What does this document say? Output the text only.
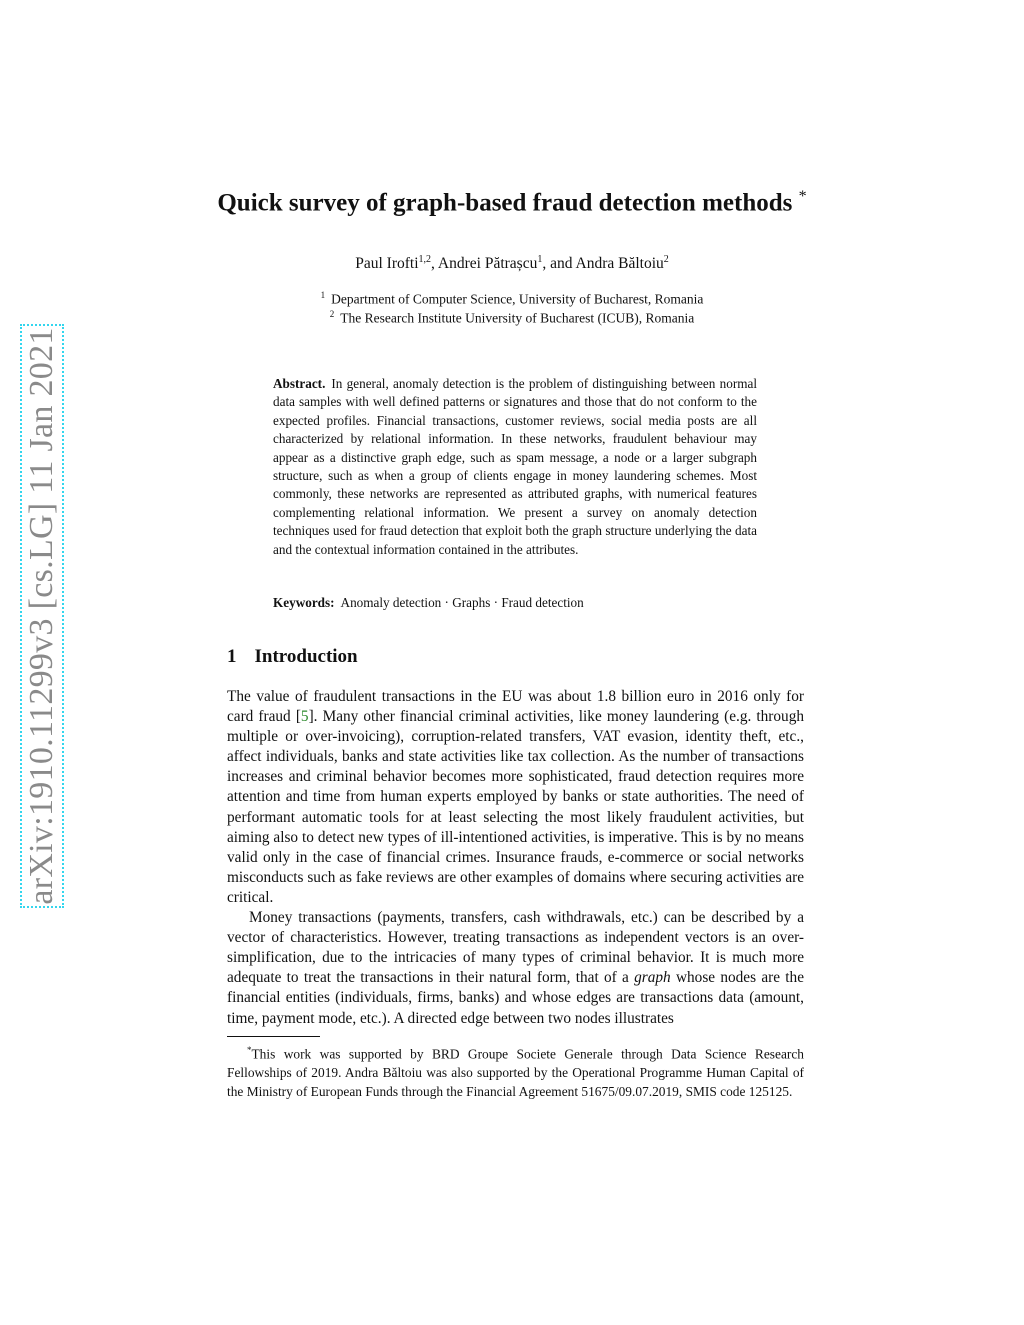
arXiv:1910.11299v3 [cs.LG] 11 Jan 2021
Quick survey of graph-based fraud detection methods *
Paul Irofti$^{1,2}$, Andrei Pătrașcu$^1$, and Andra Băltoiu$^2$
$^1$ Department of Computer Science, University of Bucharest, Romania
$^2$ The Research Institute University of Bucharest (ICUB), Romania
Abstract. In general, anomaly detection is the problem of distinguishing between normal data samples with well defined patterns or signatures and those that do not conform to the expected profiles. Financial transactions, customer reviews, social media posts are all characterized by relational information. In these networks, fraudulent behaviour may appear as a distinctive graph edge, such as spam message, a node or a larger subgraph structure, such as when a group of clients engage in money laundering schemes. Most commonly, these networks are represented as attributed graphs, with numerical features complementing relational information. We present a survey on anomaly detection techniques used for fraud detection that exploit both the graph structure underlying the data and the contextual information contained in the attributes.
Keywords: Anomaly detection · Graphs · Fraud detection
1 Introduction

The value of fraudulent transactions in the EU was about 1.8 billion euro in 2016 only for card fraud [5]. Many other financial criminal activities, like money laundering (e.g. through multiple or over-invoicing), corruption-related transfers, VAT evasion, identity theft, etc., affect individuals, banks and state activities like tax collection. As the number of transactions increases and criminal behavior becomes more sophisticated, fraud detection requires more attention and time from human experts employed by banks or state authorities. The need of performant automatic tools for at least selecting the most likely fraudulent activities, but aiming also to detect new types of ill-intentioned activities, is imperative. This is by no means valid only in the case of financial crimes. Insurance frauds, e-commerce or social networks misconducts such as fake reviews are other examples of domains where securing activities are critical.

Money transactions (payments, transfers, cash withdrawals, etc.) can be described by a vector of characteristics. However, treating transactions as independent vectors is an over-simplification, due to the intricacies of many types of criminal behavior. It is much more adequate to treat the transactions in their natural form, that of a graph whose nodes are the financial entities (individuals, firms, banks) and whose edges are transactions data (amount, time, payment mode, etc.). A directed edge between two nodes illustrates

*This work was supported by BRD Groupe Societe Generale through Data Science Research Fellowships of 2019. Andra Băltoiu was also supported by the Operational Programme Human Capital of the Ministry of European Funds through the Financial Agreement 51675/09.07.2019, SMIS code 125125.
